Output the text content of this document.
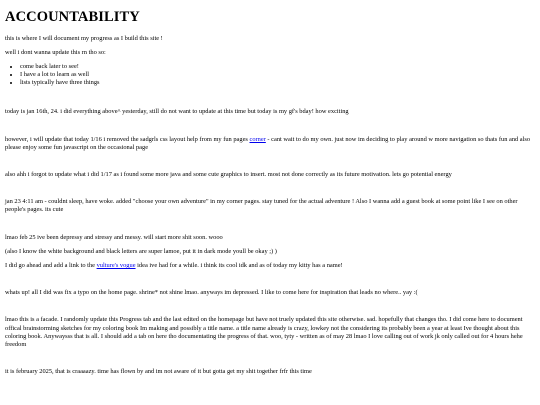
ACCOUNTABILITY

this is where I will document my progress as I build this site !

well i dont wanna update this rn tho so:

• come back later to see!
• I have a lot to learn as well
• lists typically have three things

today is jan 16th, 24. i did everything above^ yesterday, still do not want to update at this time but today is my gf's bday! how exciting

however, i will update that today 1/16 i removed the sadgrls css layout help from my fun pages corner - cant wait to do my own. just now im deciding to play around w more navigation so thats fun and also please enjoy some fun javascript on the occasional page

also ahh i forgot to update what i did 1/17 as i found some more java and some cute graphics to insert. most not done correctly as its future motivation. lets go potential energy

jan 23 4:11 am - couldnt sleep, have woke. added "choose your own adventure" in my corner pages. stay tuned for the actual adventure ! Also I wanna add a guest book at some point like I see on other people's pages. its cute

lmao feb 25 ive been depressy and stressy and messy. will start more shit soon. wooo

(also I know the white background and black letters are super lamoe, put it in dark mode youll be okay ;) )

I did go ahead and add a link to the vulture's vogue idea ive had for a while. i think its cool idk and as of today my kitty has a name!

whats up! all I did was fix a typo on the home page. shrine* not shine lmao. anyways im depressed. I like to come here for inspiration that leads no where.. yay :(

lmao this is a facade. I randomly update this Progress tab and the last edited on the homepage but have not truely updated this site otherwise. sad. hopefully that changes tho. I did come here to document offical brainstorming sketches for my coloring book Im making and possibly a title name. a title name already is crazy, lowkey not the considering its probably been a year at least Ive thought about this coloring book. Anywaysss that is all. I should add a tab on here tho documentating the progress of that. woo, tyty - written as of may 28 lmao I love calling out of work jk only called out for 4 hours hehe freedom

it is february 2025, that is craaaazy. time has flown by and im not aware of it but gotta get my shit together frfr this time
